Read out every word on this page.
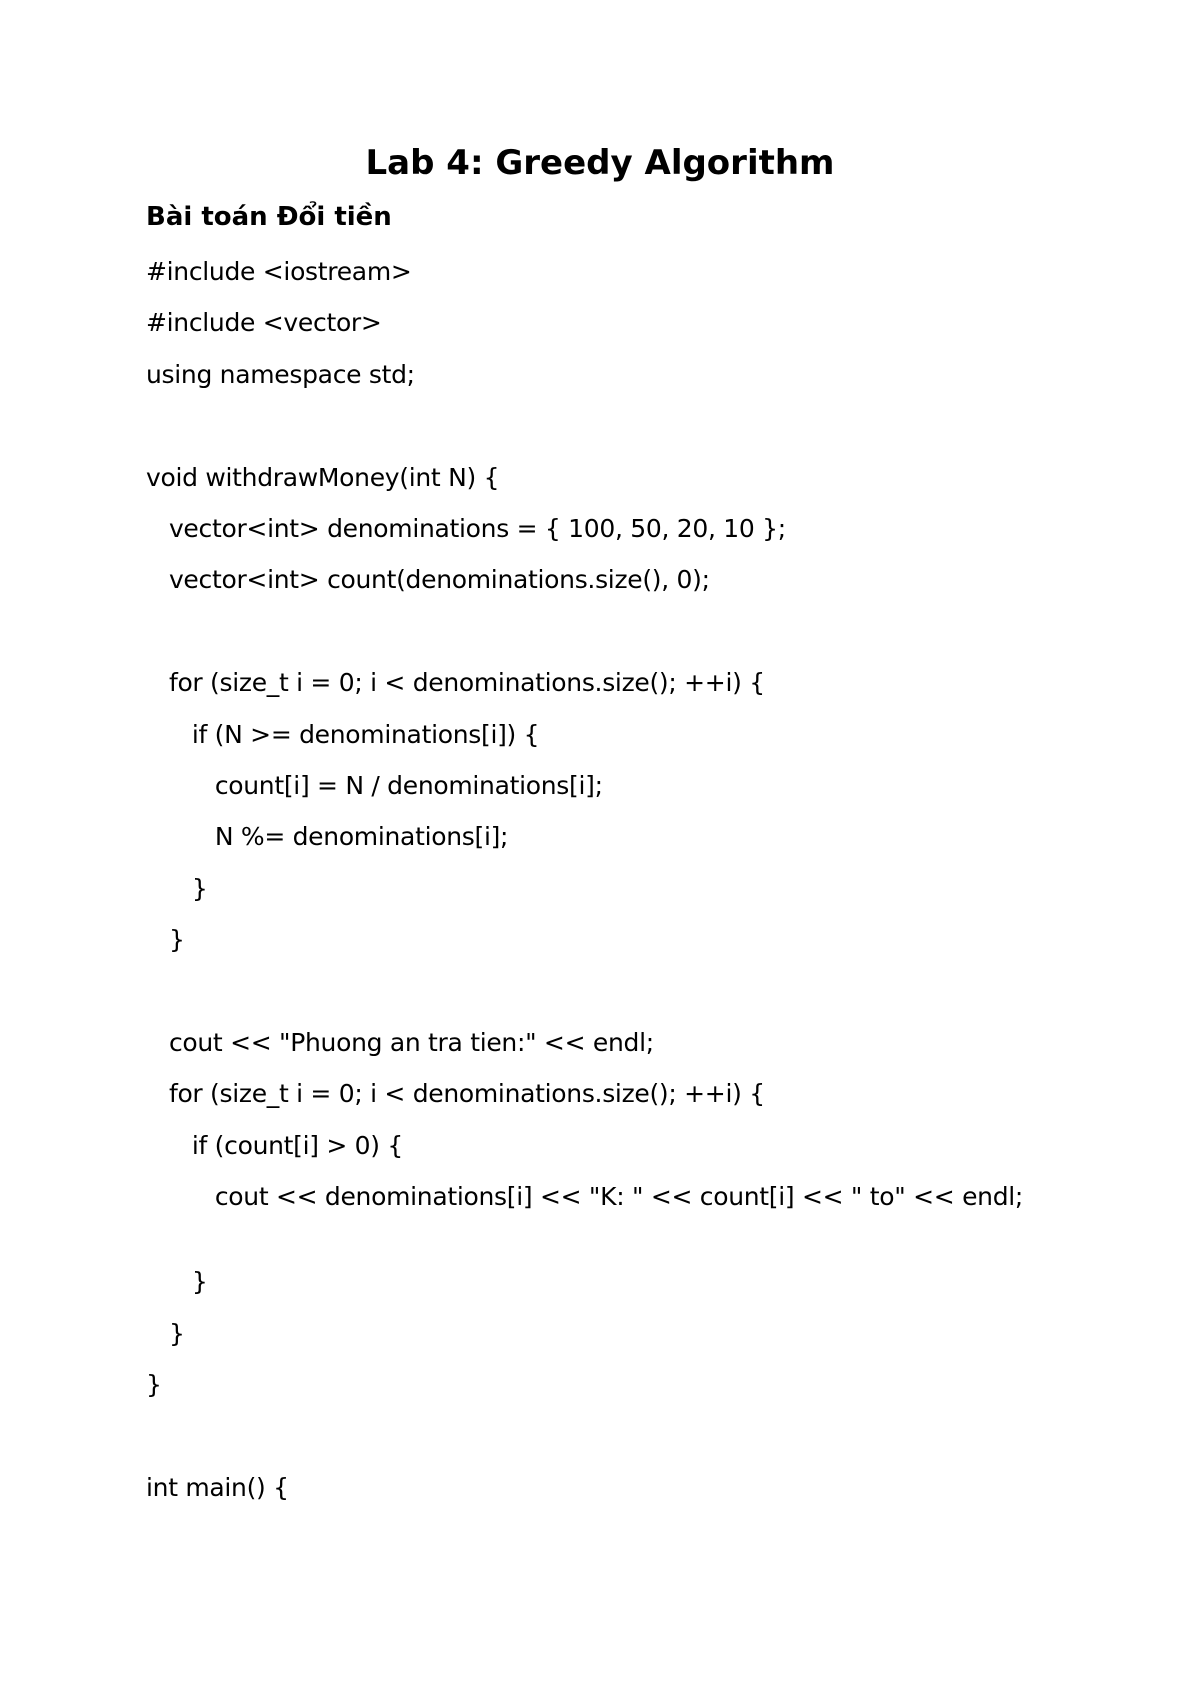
Lab 4: Greedy Algorithm
Bài toán Đổi tiền
#include <iostream>
#include <vector>
using namespace std;
void withdrawMoney(int N) {
vector<int> denominations = { 100, 50, 20, 10 };
vector<int> count(denominations.size(), 0);
for (size_t i = 0; i < denominations.size(); ++i) {
if (N >= denominations[i]) {
count[i] = N / denominations[i];
N %= denominations[i];
}
}
cout << "Phuong an tra tien:" << endl;
for (size_t i = 0; i < denominations.size(); ++i) {
if (count[i] > 0) {
cout << denominations[i] << "K: " << count[i] << " to" << endl;
}
}
}
int main() {
